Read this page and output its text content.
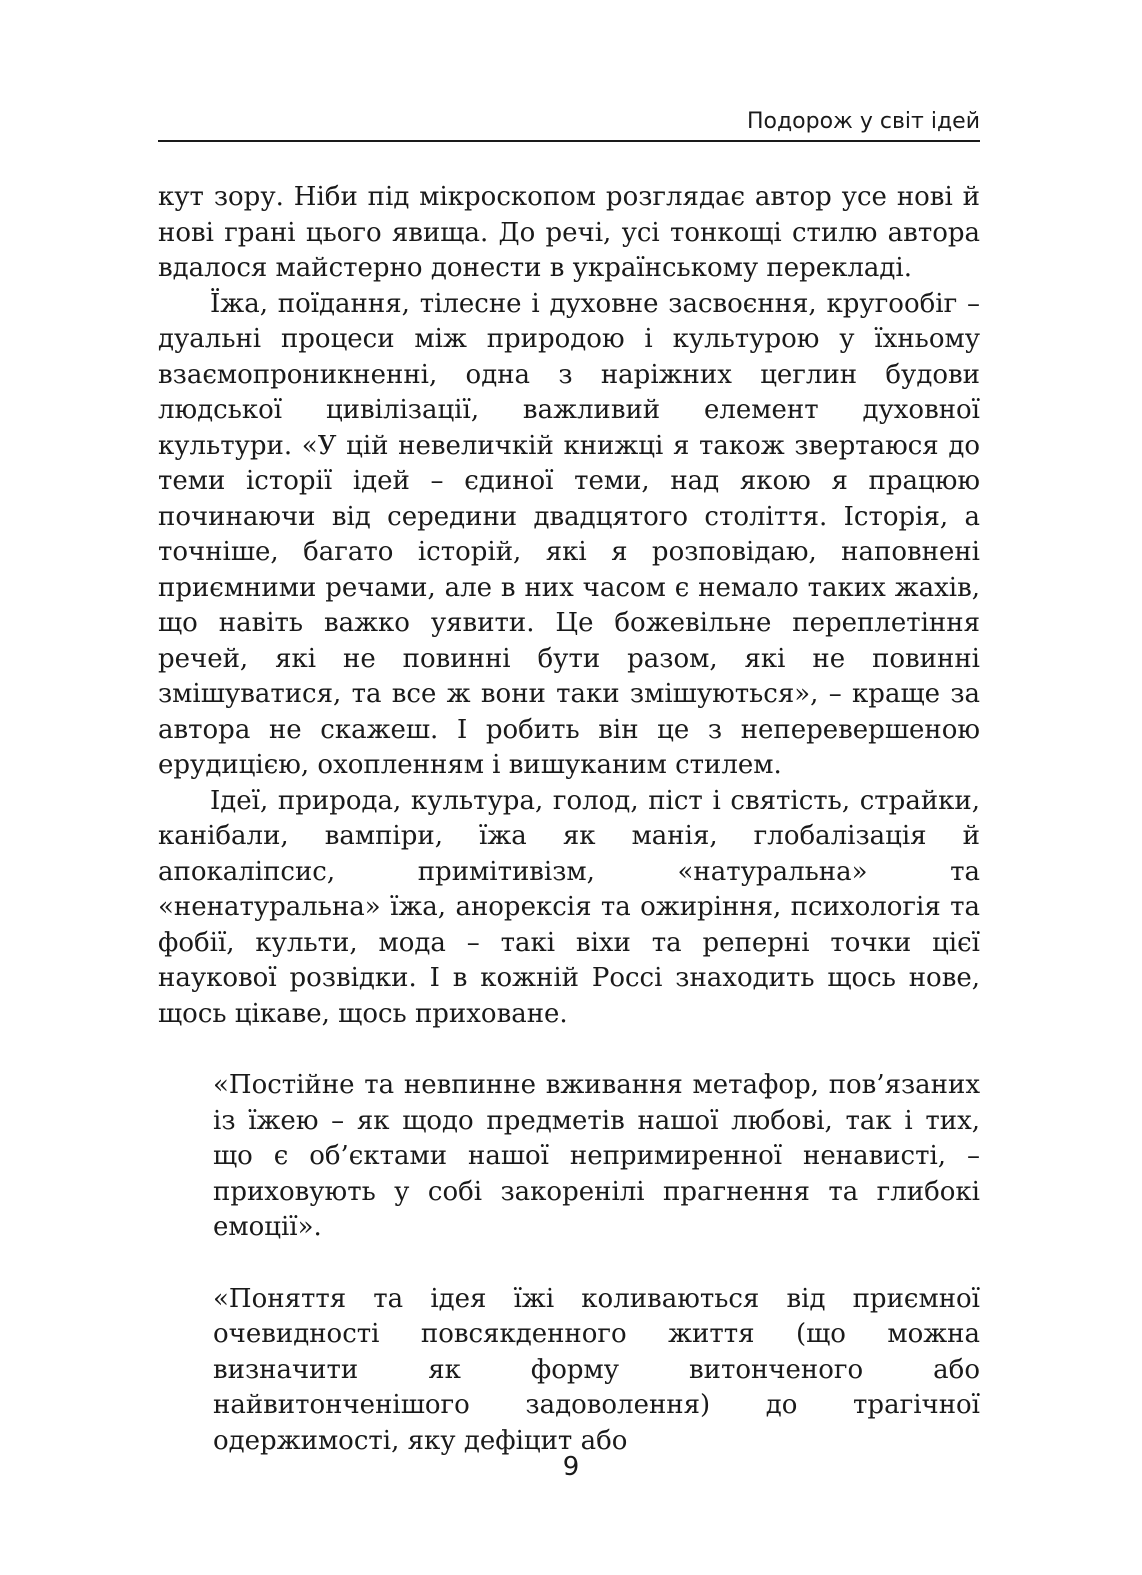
Подорож у світ ідей

кут зору. Ніби під мікроскопом розглядає автор усе нові й нові грані цього явища. До речі, усі тонкощі стилю автора вдалося майстерно донести в українському перекладі.

Їжа, поїдання, тілесне і духовне засвоєння, кругообіг – дуальні процеси між природою і культурою у їхньому взаємопроникненні, одна з наріжних цеглин будови людської цивілізації, важливий елемент духовної культури. «У цій невеличкій книжці я також звертаюся до теми історії ідей – єдиної теми, над якою я працюю починаючи від середини двадцятого століття. Історія, а точніше, багато історій, які я розповідаю, наповнені приємними речами, але в них часом є немало таких жахів, що навіть важко уявити. Це божевільне переплетіння речей, які не повинні бути разом, які не повинні змішуватися, та все ж вони таки змішуються», – краще за автора не скажеш. І робить він це з неперевершеною ерудицією, охопленням і вишуканим стилем.

Ідеї, природа, культура, голод, піст і святість, страйки, канібали, вампіри, їжа як манія, глобалізація й апокаліпсис, примітивізм, «натуральна» та «ненатуральна» їжа, анорексія та ожиріння, психологія та фобії, культи, мода – такі віхи та реперні точки цієї наукової розвідки. І в кожній Россі знаходить щось нове, щось цікаве, щось приховане.

«Постійне та невпинне вживання метафор, пов’язаних із їжею – як щодо предметів нашої любові, так і тих, що є об’єктами нашої непримиренної ненависті, – приховують у собі закоренілі прагнення та глибокі емоції».

«Поняття та ідея їжі коливаються від приємної очевидності повсякденного життя (що можна визначити як форму витонченого або найвитонченішого задоволення) до трагічної одержимості, яку дефіцит або

9
